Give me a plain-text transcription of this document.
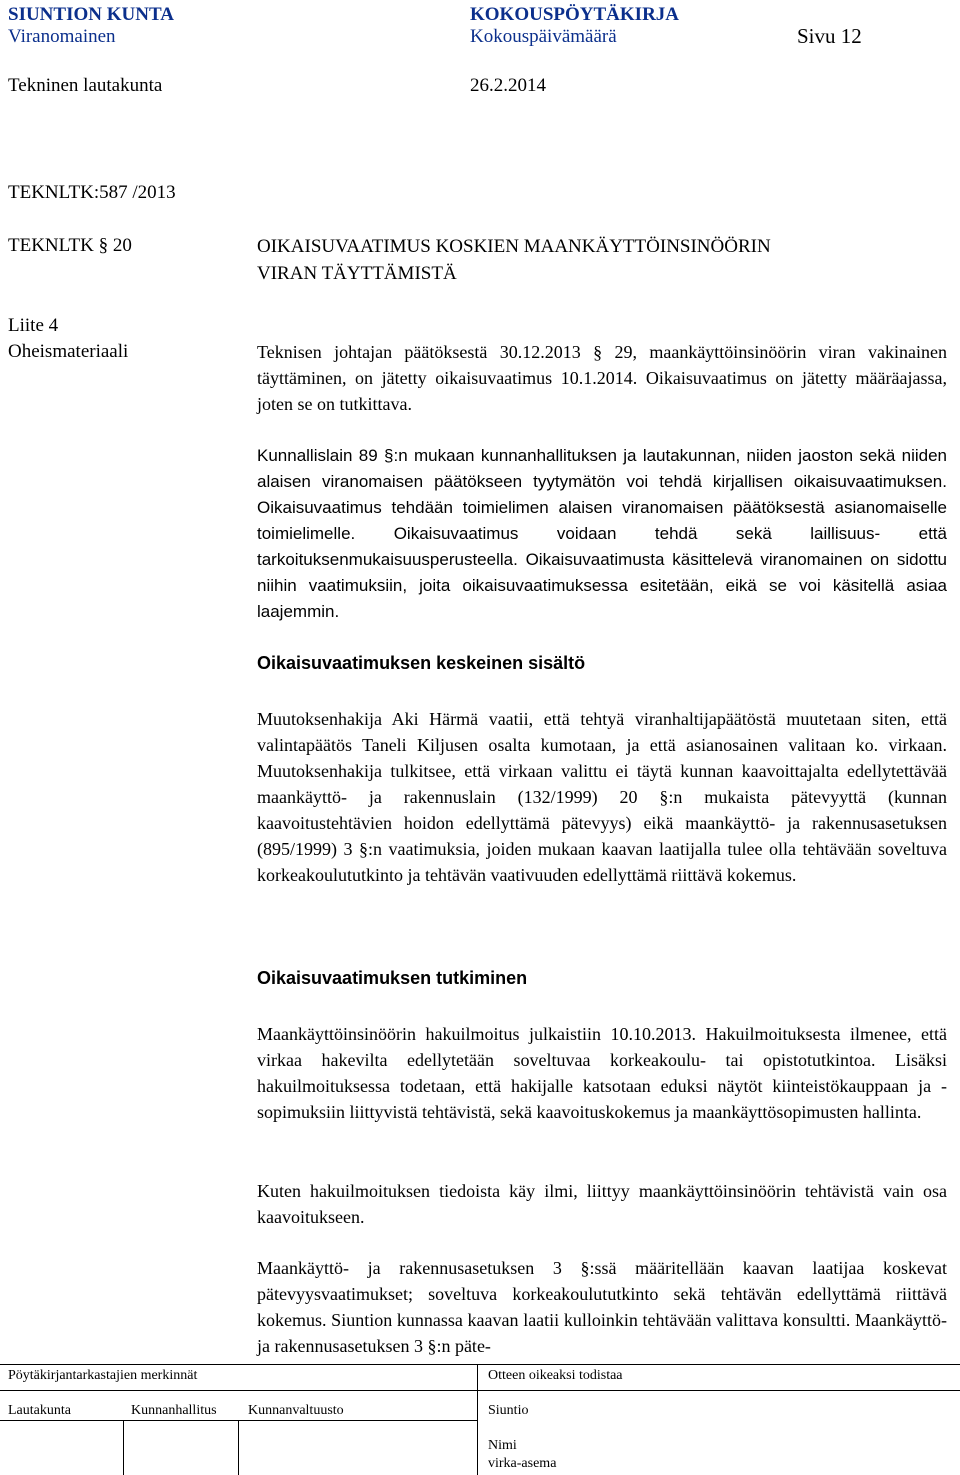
SIUNTION KUNTA	KOKOUSPÖYTÄKIRJA
Viranomainen	Kokouspäivämäärä	Sivu 12
Tekninen lautakunta	26.2.2014
TEKNLTK:587 /2013
TEKNLTK § 20
Liite 4
Oheismateriaali
OIKAISUVAATIMUS KOSKIEN MAANKÄYTTÖINSINÖÖRIN
VIRAN TÄYTTÄMISTÄ

Teknisen johtajan päätöksestä 30.12.2013 § 29, maankäyttöinsinöörin viran vakinainen täyttäminen, on jätetty oikaisuvaatimus 10.1.2014. Oikaisuvaatimus on jätetty määräajassa, joten se on tutkittava.

Kunnallislain 89 §:n mukaan kunnanhallituksen ja lautakunnan, niiden jaoston sekä niiden alaisen viranomaisen päätökseen tyytymätön voi tehdä kirjallisen oikaisuvaatimuksen. Oikaisuvaatimus tehdään toimielimen alaisen viranomaisen päätöksestä asianomaiselle toimielimelle. Oikaisuvaatimus voidaan tehdä sekä laillisuus- että tarkoituksenmukaisuusperusteella. Oikaisuvaatimusta käsittelevä viranomainen on sidottu niihin vaatimuksiin, joita oikaisuvaatimuksessa esitetään, eikä se voi käsitellä asiaa laajemmin.

Oikaisuvaatimuksen keskeinen sisältö

Muutoksenhakija Aki Härmä vaatii, että tehtyä viranhaltijapäätöstä muutetaan siten, että valintapäätös Taneli Kiljusen osalta kumotaan, ja että asianosainen valitaan ko. virkaan. Muutoksenhakija tulkitsee, että virkaan valittu ei täytä kunnan kaavoittajalta edellytettävää maankäyttö- ja rakennuslain (132/1999) 20 §:n mukaista pätevyyttä (kunnan kaavoitustehtävien hoidon edellyttämä pätevyys) eikä maankäyttö- ja rakennusasetuksen (895/1999) 3 §:n vaatimuksia, joiden mukaan kaavan laatijalla tulee olla tehtävään soveltuva korkeakoulututkinto ja tehtävän vaativuuden edellyttämä riittävä kokemus.

Oikaisuvaatimuksen tutkiminen

Maankäyttöinsinöörin hakuilmoitus julkaistiin 10.10.2013. Hakuilmoituksesta ilmenee, että virkaa hakevilta edellytetään soveltuvaa korkeakoulu- tai opistotutkintoa. Lisäksi hakuilmoituksessa todetaan, että hakijalle katsotaan eduksi näytöt kiinteistökauppaan ja -sopimuksiin liittyvistä tehtävistä, sekä kaavoituskokemus ja maankäyttösopimusten hallinta.

Kuten hakuilmoituksen tiedoista käy ilmi, liittyy maankäyttöinsinöörin tehtävistä vain osa kaavoitukseen.

Maankäyttö- ja rakennusasetuksen 3 §:ssä määritellään kaavan laatijaa koskevat pätevyysvaatimukset; soveltuva korkeakoulututkinto sekä tehtävän edellyttämä riittävä kokemus. Siuntion kunnassa kaavan laatii kulloinkin tehtävään valittava konsultti. Maankäyttö- ja rakennusasetuksen 3 §:n päte-

Pöytäkirjantarkastajien merkinnät	Otteen oikeaksi todistaa
Lautakunta	Kunnanhallitus Kunnanvaltuusto	Siuntio
Nimi
virka-asema
